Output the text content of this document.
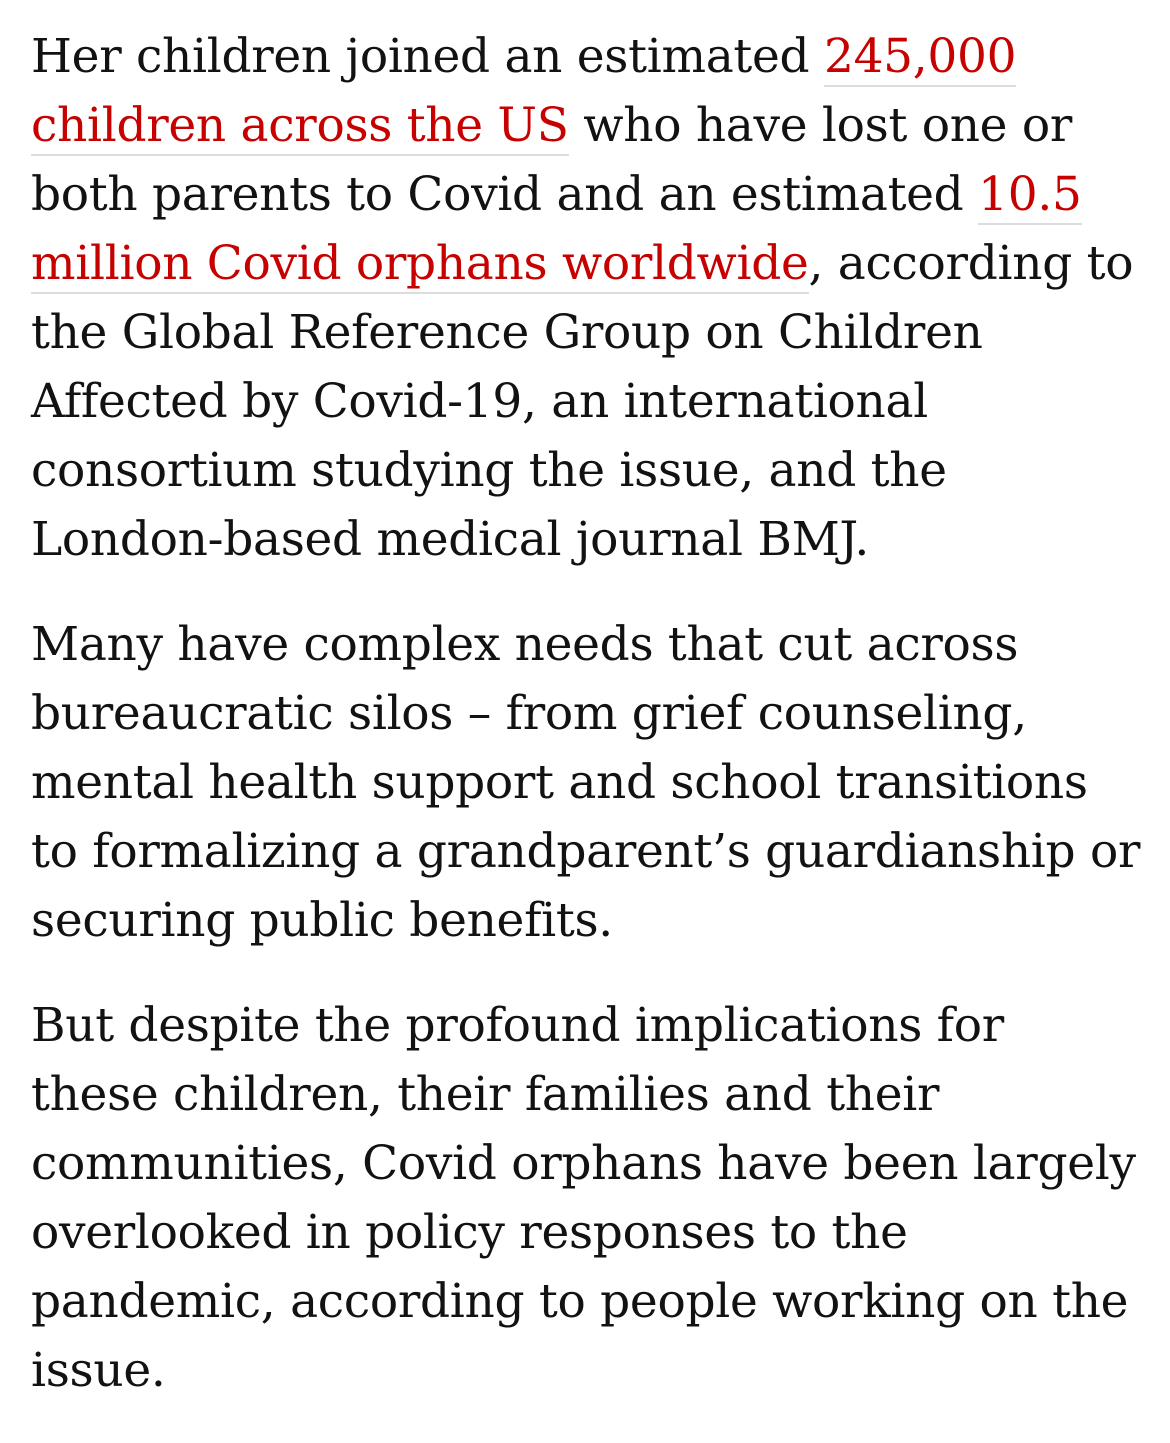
Her children joined an estimated 245,000 children across the US who have lost one or both parents to Covid and an estimated 10.5 million Covid orphans worldwide, according to the Global Reference Group on Children Affected by Covid-19, an international consortium studying the issue, and the London-based medical journal BMJ.

Many have complex needs that cut across bureaucratic silos – from grief counseling, mental health support and school transitions to formalizing a grandparent’s guardianship or securing public benefits.

But despite the profound implications for these children, their families and their communities, Covid orphans have been largely overlooked in policy responses to the pandemic, according to people working on the issue.
